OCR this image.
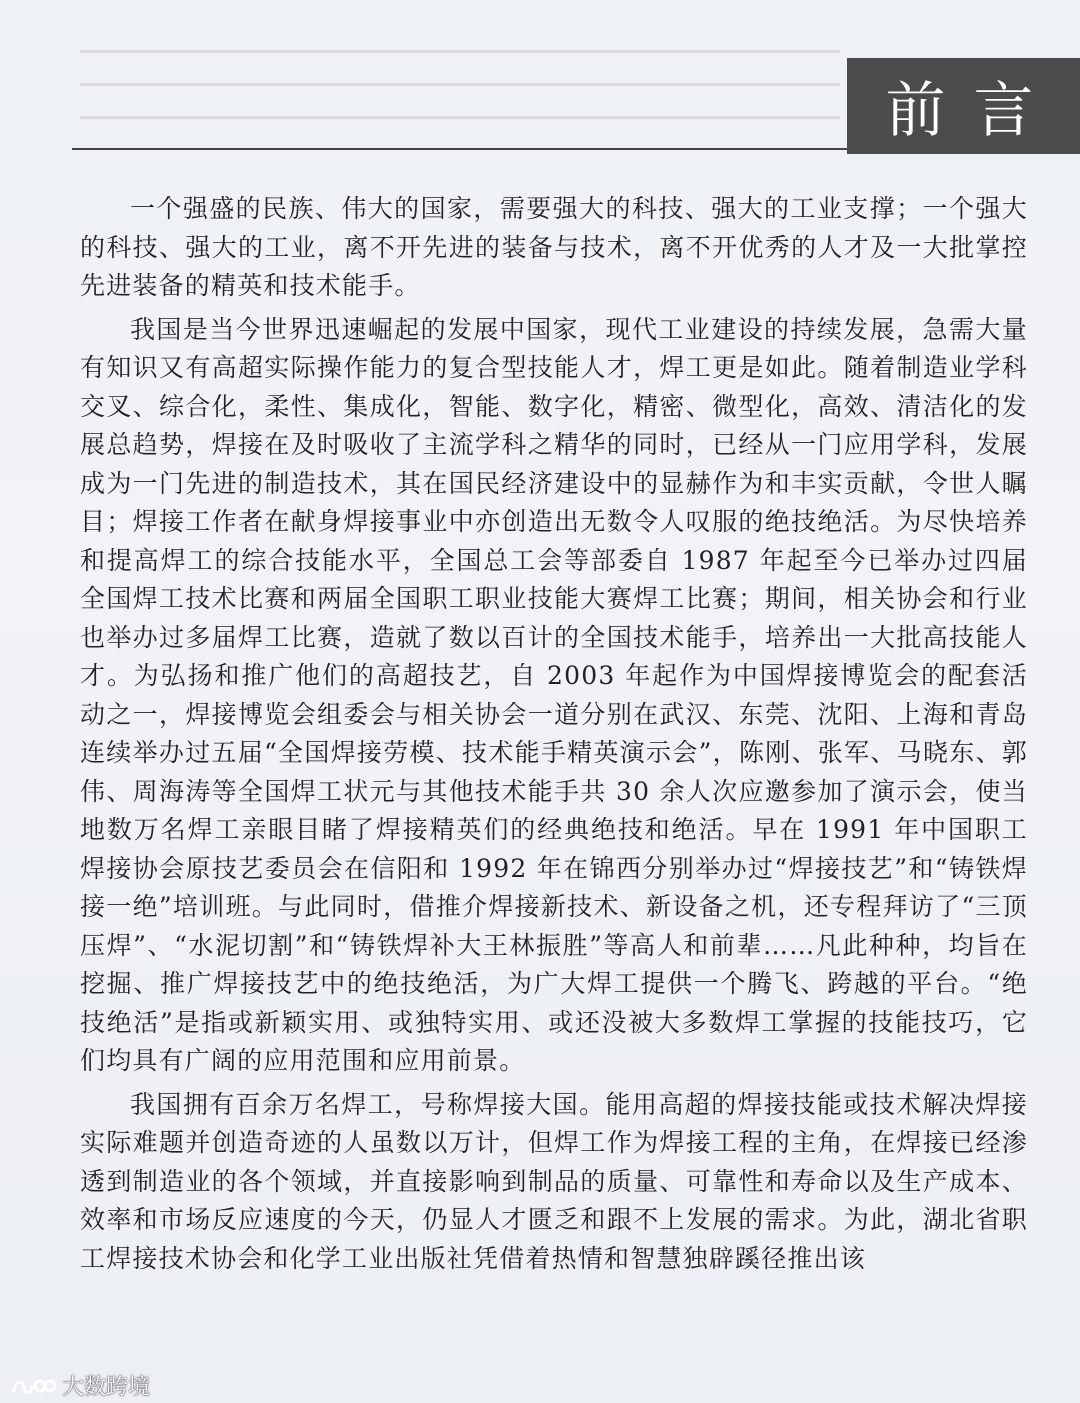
前言

一个强盛的民族、伟大的国家，需要强大的科技、强大的工业支撑；一个强大的科技、强大的工业，离不开先进的装备与技术，离不开优秀的人才及一大批掌控先进装备的精英和技术能手。

我国是当今世界迅速崛起的发展中国家，现代工业建设的持续发展，急需大量有知识又有高超实际操作能力的复合型技能人才，焊工更是如此。随着制造业学科交叉、综合化，柔性、集成化，智能、数字化，精密、微型化，高效、清洁化的发展总趋势，焊接在及时吸收了主流学科之精华的同时，已经从一门应用学科，发展成为一门先进的制造技术，其在国民经济建设中的显赫作为和丰实贡献，令世人瞩目；焊接工作者在献身焊接事业中亦创造出无数令人叹服的绝技绝活。为尽快培养和提高焊工的综合技能水平，全国总工会等部委自 1987 年起至今已举办过四届全国焊工技术比赛和两届全国职工职业技能大赛焊工比赛；期间，相关协会和行业也举办过多届焊工比赛，造就了数以百计的全国技术能手，培养出一大批高技能人才。为弘扬和推广他们的高超技艺，自 2003 年起作为中国焊接博览会的配套活动之一，焊接博览会组委会与相关协会一道分别在武汉、东莞、沈阳、上海和青岛连续举办过五届“全国焊接劳模、技术能手精英演示会”，陈刚、张军、马晓东、郭伟、周海涛等全国焊工状元与其他技术能手共 30 余人次应邀参加了演示会，使当地数万名焊工亲眼目睹了焊接精英们的经典绝技和绝活。早在 1991 年中国职工焊接协会原技艺委员会在信阳和 1992 年在锦西分别举办过“焊接技艺”和“铸铁焊接一绝”培训班。与此同时，借推介焊接新技术、新设备之机，还专程拜访了“三顶压焊”、“水泥切割”和“铸铁焊补大王林振胜”等高人和前辈……凡此种种，均旨在挖掘、推广焊接技艺中的绝技绝活，为广大焊工提供一个腾飞、跨越的平台。“绝技绝活”是指或新颖实用、或独特实用、或还没被大多数焊工掌握的技能技巧，它们均具有广阔的应用范围和应用前景。

我国拥有百余万名焊工，号称焊接大国。能用高超的焊接技能或技术解决焊接实际难题并创造奇迹的人虽数以万计，但焊工作为焊接工程的主角，在焊接已经渗透到制造业的各个领域，并直接影响到制品的质量、可靠性和寿命以及生产成本、效率和市场反应速度的今天，仍显人才匮乏和跟不上发展的需求。为此，湖北省职工焊接技术协会和化学工业出版社凭借着热情和智慧独辟蹊径推出该

大数跨境
